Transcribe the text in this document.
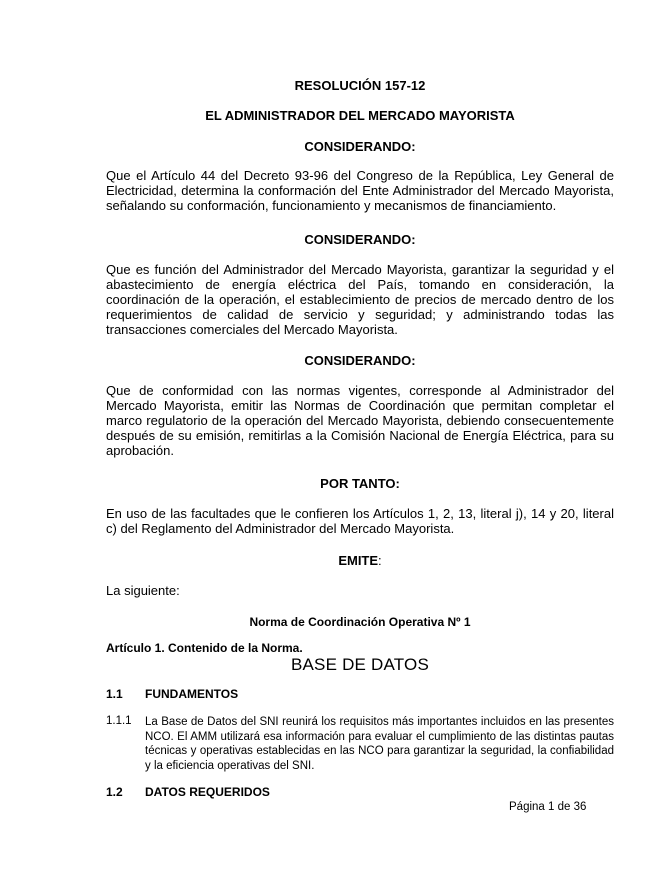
RESOLUCIÓN 157-12

EL ADMINISTRADOR DEL MERCADO MAYORISTA

CONSIDERANDO:

Que el Artículo 44 del Decreto 93-96 del Congreso de la República, Ley General de Electricidad, determina la conformación del Ente Administrador del Mercado Mayorista, señalando su conformación, funcionamiento y mecanismos de financiamiento.

CONSIDERANDO:

Que es función del Administrador del Mercado Mayorista, garantizar la seguridad y el abastecimiento de energía eléctrica del País, tomando en consideración, la coordinación de la operación, el establecimiento de precios de mercado dentro de los requerimientos de calidad de servicio y seguridad; y administrando todas las transacciones comerciales del Mercado Mayorista.

CONSIDERANDO:

Que de conformidad con las normas vigentes, corresponde al Administrador del Mercado Mayorista, emitir las Normas de Coordinación que permitan completar el marco regulatorio de la operación del Mercado Mayorista, debiendo consecuentemente después de su emisión, remitirlas a la Comisión Nacional de Energía Eléctrica, para su aprobación.

POR TANTO:

En uso de las facultades que le confieren los Artículos 1, 2, 13, literal j), 14 y 20, literal c) del Reglamento del Administrador del Mercado Mayorista.

EMITE:

La siguiente:

Norma de Coordinación Operativa Nº 1

Artículo 1. Contenido de la Norma.

BASE DE DATOS

1.1 FUNDAMENTOS

1.1.1 La Base de Datos del SNI reunirá los requisitos más importantes incluidos en las presentes NCO. El AMM utilizará esa información para evaluar el cumplimiento de las distintas pautas técnicas y operativas establecidas en las NCO para garantizar la seguridad, la confiabilidad y la eficiencia operativas del SNI.

1.2 DATOS REQUERIDOS

Página 1 de 36
